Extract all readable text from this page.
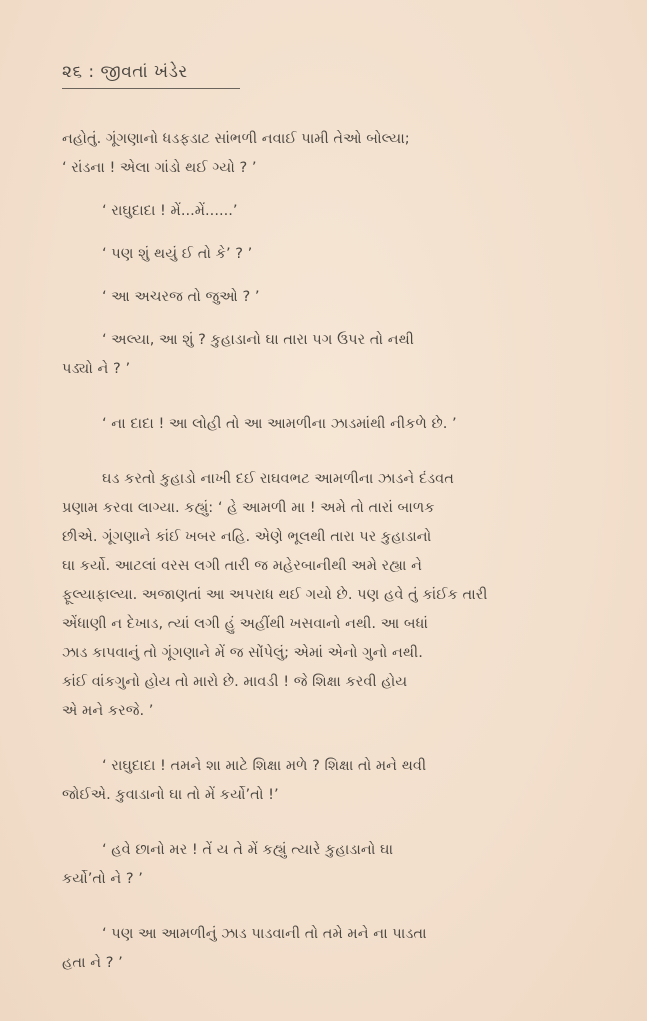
૨૬ : જીવતાં ખંડેર

નહોતું. ગૂંગણાનો ધડફડાટ સાંભળી નવાઈ પામી તેઓ બોલ્યા;
‘ રાંડના ! એલા ગાંડો થઈ ગ્યો ? ’

‘ રાઘુદાદા ! મેં...મેં......’

‘ પણ શું થયું ઈ તો કે’ ? ’

‘ આ અચરજ તો જુઓ ? ’

‘ અલ્યા, આ શું ? કુહાડાનો ઘા તારા પગ ઉપર તો નથી
પડ્યો ને ? ’

‘ ના દાદા ! આ લોહી તો આ આમળીના ઝાડમાંથી નીકળે છે. ’

ઘડ કરતો કુહાડો નાખી દઈ રાઘવભટ આમળીના ઝાડને દંડવત
પ્રણામ કરવા લાગ્યા. કહ્યું: ‘ હે આમળી મા ! અમે તો તારાં બાળક
છીએ. ગૂંગણાને કાંઈ ખબર નહિ. એણે ભૂલથી તારા પર કુહાડાનો
ઘા કર્યો. આટલાં વરસ લગી તારી જ મહેરબાનીથી અમે રહ્યા ને
ફૂલ્યાફાલ્યા. અજાણતાં આ અપરાધ થઈ ગયો છે. પણ હવે તું કાંઈક તારી
એંધાણી ન દેખાડ, ત્યાં લગી હું અહીંથી ખસવાનો નથી. આ બધાં
ઝાડ કાપવાનું તો ગૂંગણાને મેં જ સોંપેલું; એમાં એનો ગુનો નથી.
કાંઈ વાંકગુનો હોય તો મારો છે. માવડી ! જે શિક્ષા કરવી હોય
એ મને કરજે. ’

‘ રાઘુદાદા ! તમને શા માટે શિક્ષા મળે ? શિક્ષા તો મને થવી
જોઈએ. કુવાડાનો ઘા તો મેં કર્યો’તો !’

‘ હવે છાનો મર ! તેં ય તે મેં કહ્યું ત્યારે કુહાડાનો ઘા
કર્યો’તો ને ? ’

‘ પણ આ આમળીનું ઝાડ પાડવાની તો તમે મને ના પાડતા
હતા ને ? ’
